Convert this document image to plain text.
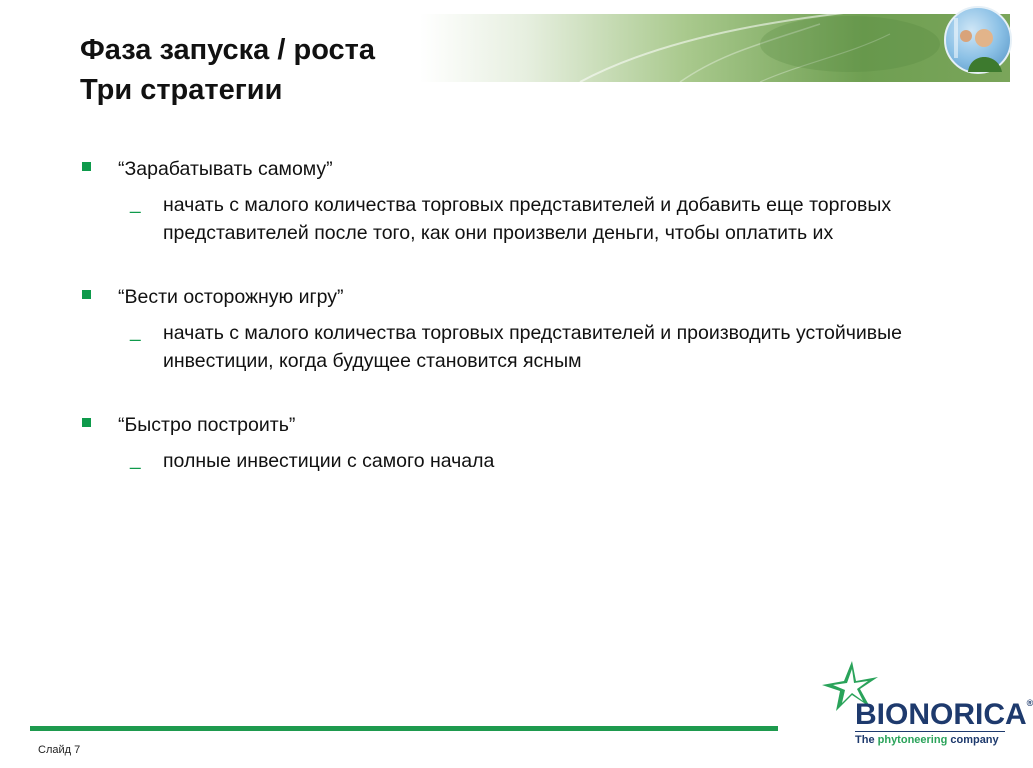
Фаза запуска / роста
Три стратегии
“Зарабатывать самому”
_ начать с малого количества торговых представителей и добавить еще торговых представителей после того, как они произвели деньги, чтобы оплатить их
“Вести осторожную игру”
_ начать с малого количества торговых представителей и производить устойчивые инвестиции, когда будущее становится ясным
“Быстро построить”
_ полные инвестиции с самого начала
Слайд 7
BIONORICA®
The phytoneering company
